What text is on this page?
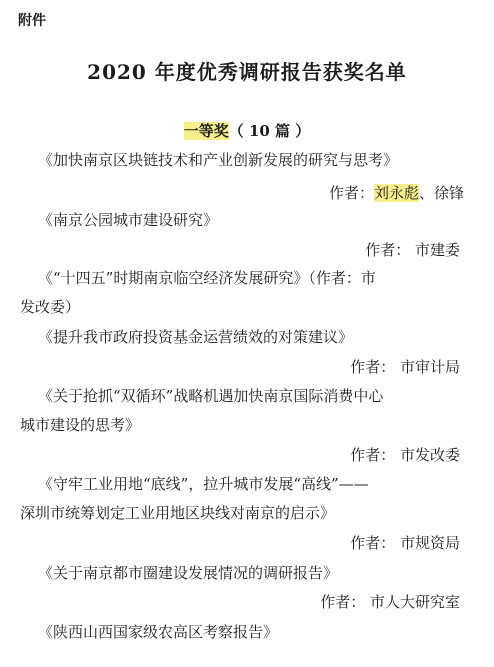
附件
2020 年度优秀调研报告获奖名单
一等奖（ 10 篇 ）
《加快南京区块链技术和产业创新发展的研究与思考》
作者：刘永彪、徐锋
《南京公园城市建设研究》
作者： 市建委
《“十四五”时期南京临空经济发展研究》（作者：市
发改委）
《提升我市政府投资基金运营绩效的对策建议》
作者： 市审计局
《关于抢抓“双循环”战略机遇加快南京国际消费中心
城市建设的思考》
作者： 市发改委
《守牢工业用地“底线”，拉升城市发展“高线”——
深圳市统筹划定工业用地区块线对南京的启示》
作者： 市规资局
《关于南京都市圈建设发展情况的调研报告》
作者： 市人大研究室
《陕西山西国家级农高区考察报告》
